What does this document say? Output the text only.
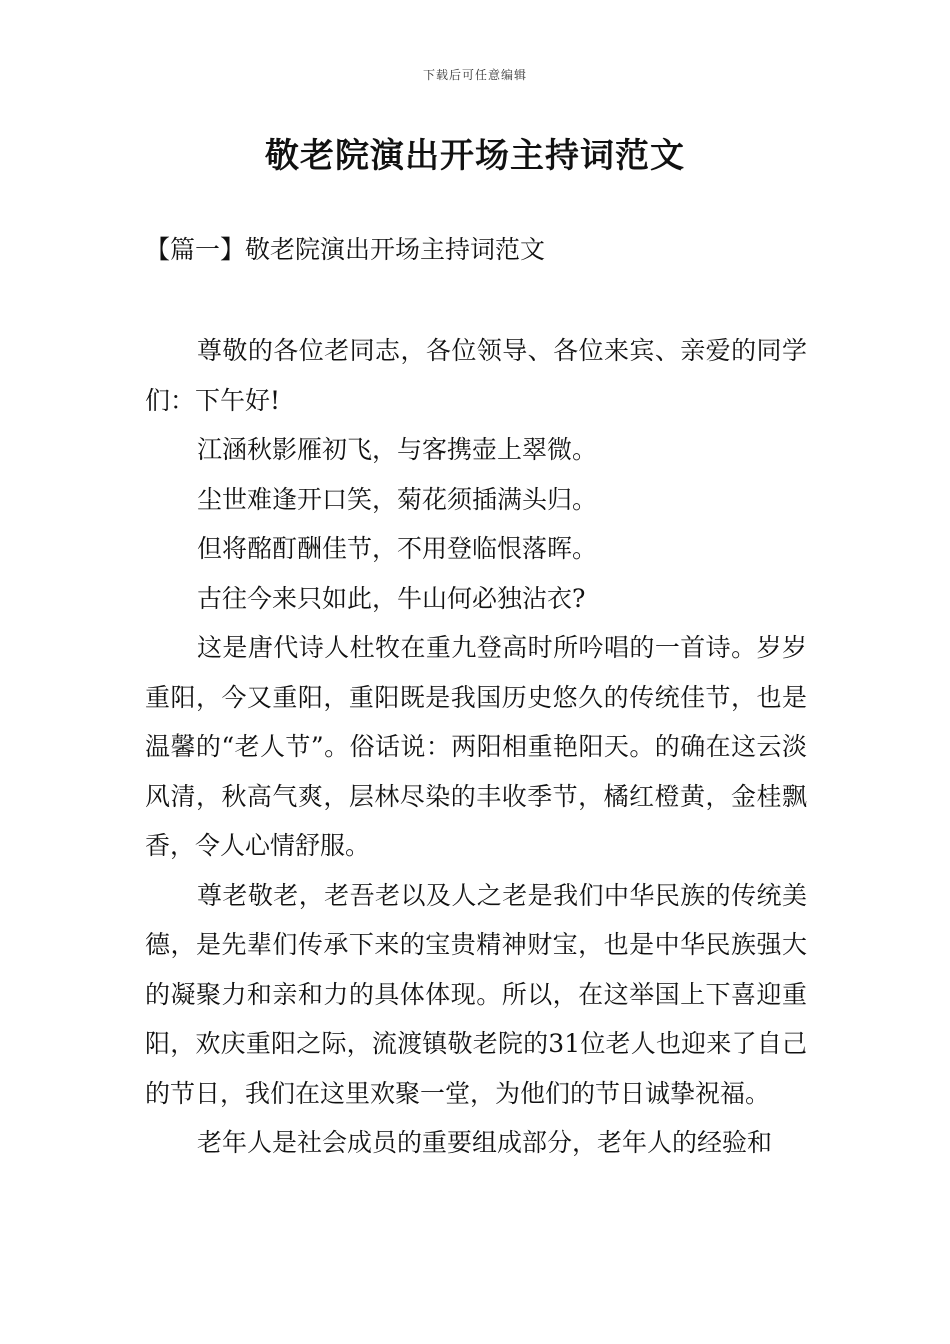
下载后可任意编辑
敬老院演出开场主持词范文
【篇一】敬老院演出开场主持词范文

尊敬的各位老同志，各位领导、各位来宾、亲爱的同学们：下午好!

江涵秋影雁初飞，与客携壶上翠微。

尘世难逢开口笑，菊花须插满头归。

但将酩酊酬佳节，不用登临恨落晖。

古往今来只如此，牛山何必独沾衣?

这是唐代诗人杜牧在重九登高时所吟唱的一首诗。岁岁重阳，今又重阳，重阳既是我国历史悠久的传统佳节，也是温馨的“老人节”。俗话说：两阳相重艳阳天。的确在这云淡风清，秋高气爽，层林尽染的丰收季节，橘红橙黄，金桂飘香，令人心情舒服。

尊老敬老，老吾老以及人之老是我们中华民族的传统美德，是先辈们传承下来的宝贵精神财宝，也是中华民族强大的凝聚力和亲和力的具体体现。所以，在这举国上下喜迎重阳，欢庆重阳之际，流渡镇敬老院的31位老人也迎来了自己的节日，我们在这里欢聚一堂，为他们的节日诚挚祝福。

老年人是社会成员的重要组成部分，老年人的经验和
